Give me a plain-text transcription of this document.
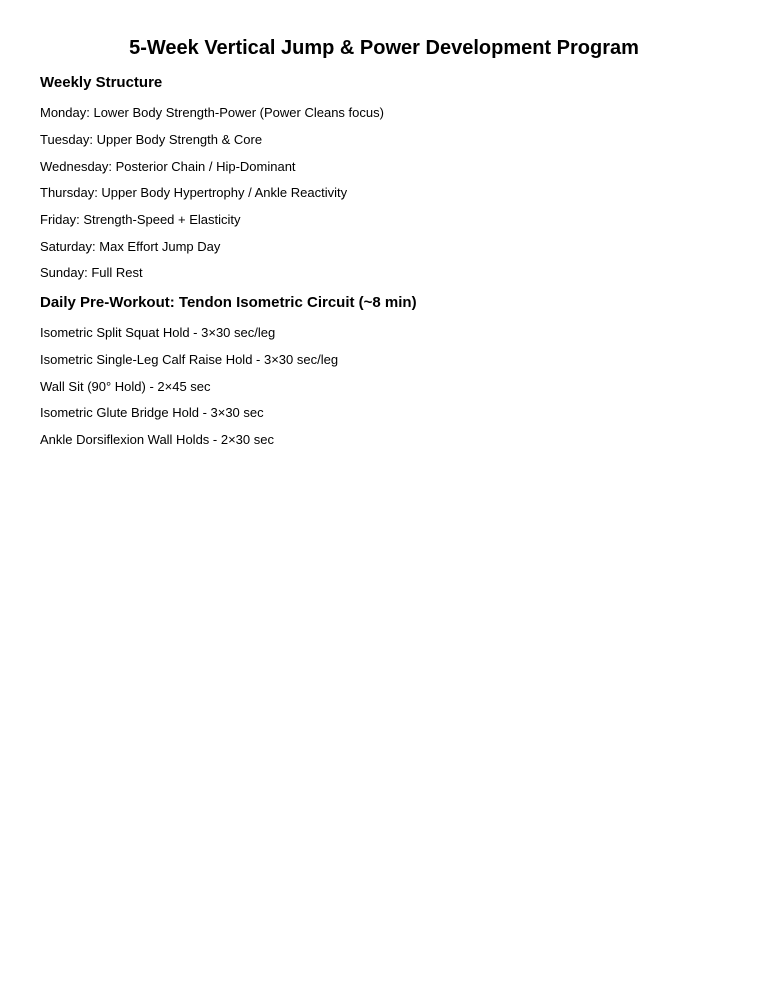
5-Week Vertical Jump & Power Development Program
Weekly Structure
Monday: Lower Body Strength-Power (Power Cleans focus)
Tuesday: Upper Body Strength & Core
Wednesday: Posterior Chain / Hip-Dominant
Thursday: Upper Body Hypertrophy / Ankle Reactivity
Friday: Strength-Speed + Elasticity
Saturday: Max Effort Jump Day
Sunday: Full Rest
Daily Pre-Workout: Tendon Isometric Circuit (~8 min)
Isometric Split Squat Hold - 3×30 sec/leg
Isometric Single-Leg Calf Raise Hold - 3×30 sec/leg
Wall Sit (90° Hold) - 2×45 sec
Isometric Glute Bridge Hold - 3×30 sec
Ankle Dorsiflexion Wall Holds - 2×30 sec
